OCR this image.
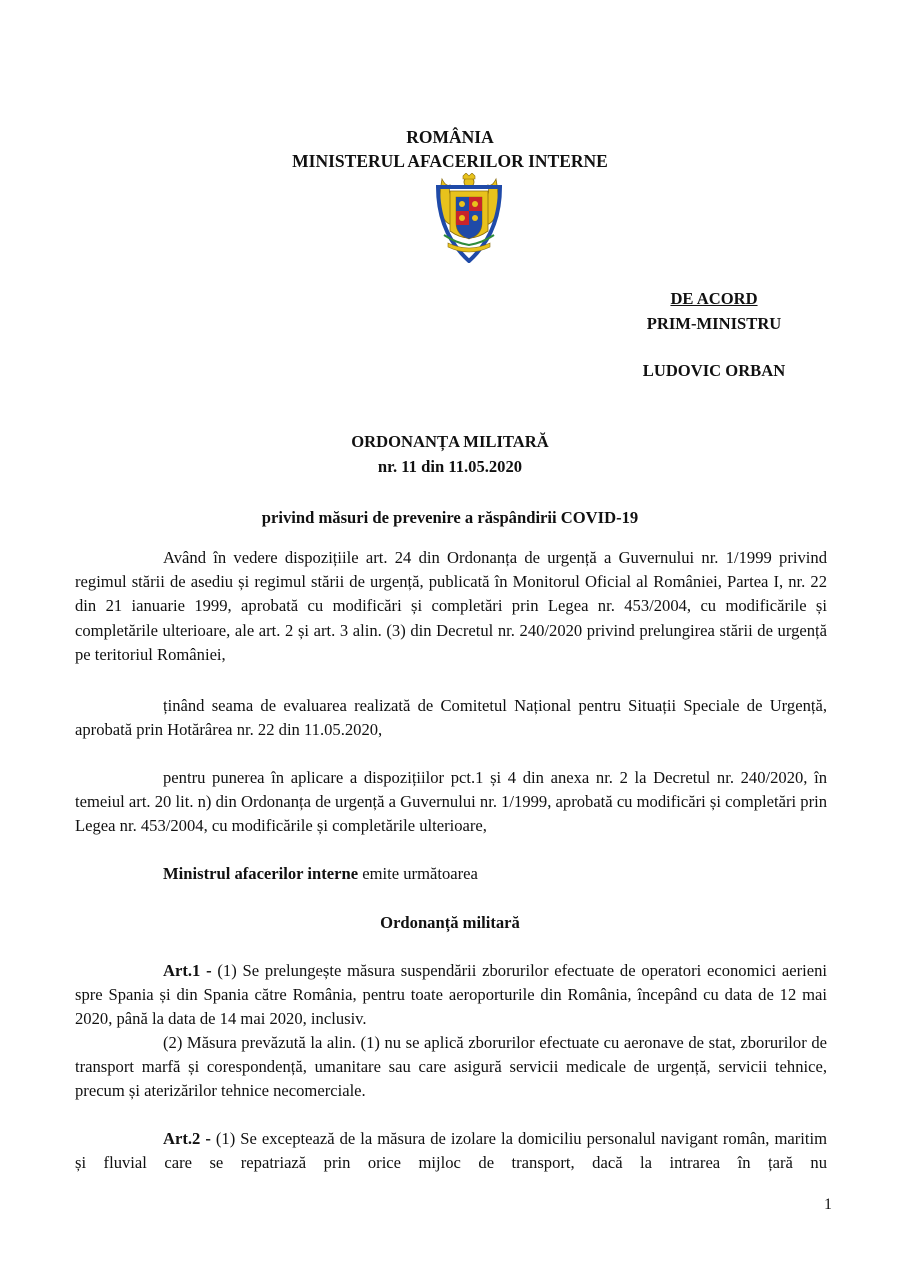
ROMÂNIA
MINISTERUL AFACERILOR INTERNE
DE ACORD
PRIM-MINISTRU
LUDOVIC ORBAN
ORDONANȚA MILITARĂ
nr. 11 din 11.05.2020
privind măsuri de prevenire a răspândirii COVID-19
Având în vedere dispozițiile art. 24 din Ordonanța de urgență a Guvernului nr. 1/1999 privind regimul stării de asediu și regimul stării de urgență, publicată în Monitorul Oficial al României, Partea I, nr. 22 din 21 ianuarie 1999, aprobată cu modificări și completări prin Legea nr. 453/2004, cu modificările și completările ulterioare, ale art. 2 și art. 3 alin. (3) din Decretul nr. 240/2020 privind prelungirea stării de urgență pe teritoriul României,
ținând seama de evaluarea realizată de Comitetul Național pentru Situații Speciale de Urgență, aprobată prin Hotărârea nr. 22 din 11.05.2020,
pentru punerea în aplicare a dispozițiilor pct.1 și 4 din anexa nr. 2 la Decretul nr. 240/2020, în temeiul art. 20 lit. n) din Ordonanța de urgență a Guvernului nr. 1/1999, aprobată cu modificări și completări prin Legea nr. 453/2004, cu modificările și completările ulterioare,
Ministrul afacerilor interne emite următoarea
Ordonanță militară
Art.1 - (1) Se prelungește măsura suspendării zborurilor efectuate de operatori economici aerieni spre Spania și din Spania către România, pentru toate aeroporturile din România, începând cu data de 12 mai 2020, până la data de 14 mai 2020, inclusiv.
(2) Măsura prevăzută la alin. (1) nu se aplică zborurilor efectuate cu aeronave de stat, zborurilor de transport marfă și corespondență, umanitare sau care asigură servicii medicale de urgență, servicii tehnice, precum și aterizărilor tehnice necomerciale.
Art.2 - (1) Se exceptează de la măsura de izolare la domiciliu personalul navigant român, maritim și fluvial care se repatriază prin orice mijloc de transport, dacă la intrarea în țară nu
1
